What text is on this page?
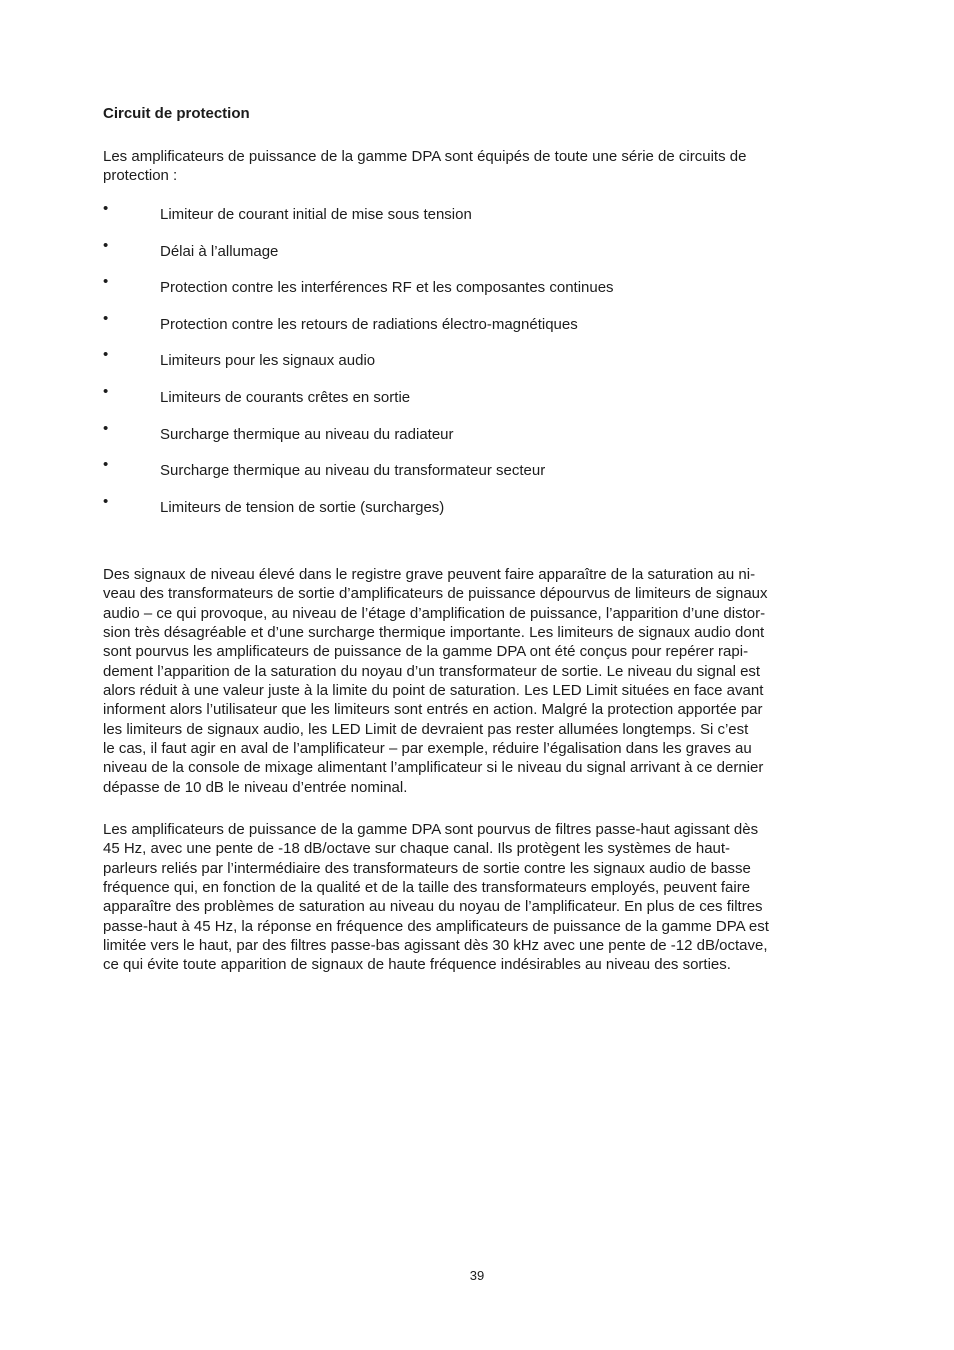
Circuit de protection

Les amplificateurs de puissance de la gamme DPA sont équipés de toute une série de circuits de
protection :

•	Limiteur de courant initial de mise sous tension
•	Délai à l’allumage
•	Protection contre les interférences RF et les composantes continues
•	Protection contre les retours de radiations électro-magnétiques
•	Limiteurs pour les signaux audio
•	Limiteurs de courants crêtes en sortie
•	Surcharge thermique au niveau du radiateur
•	Surcharge thermique au niveau du transformateur secteur
•	Limiteurs de tension de sortie (surcharges)

Des signaux de niveau élevé dans le registre grave peuvent faire apparaître de la saturation au ni-
veau des transformateurs de sortie d’amplificateurs de puissance dépourvus de limiteurs de signaux
audio – ce qui provoque, au niveau de l’étage d’amplification de puissance, l’apparition d’une distor-
sion très désagréable et d’une surcharge thermique importante. Les limiteurs de signaux audio dont
sont pourvus les amplificateurs de puissance de la gamme DPA ont été conçus pour repérer rapi-
dement l’apparition de la saturation du noyau d’un transformateur de sortie. Le niveau du signal est
alors réduit à une valeur juste à la limite du point de saturation. Les LED Limit situées en face avant
informent alors l’utilisateur que les limiteurs sont entrés en action. Malgré la protection apportée par
les limiteurs de signaux audio, les LED Limit de devraient pas rester allumées longtemps. Si c’est
le cas, il faut agir en aval de l’amplificateur – par exemple, réduire l’égalisation dans les graves au
niveau de la console de mixage alimentant l’amplificateur si le niveau du signal arrivant à ce dernier
dépasse de 10 dB le niveau d’entrée nominal.

Les amplificateurs de puissance de la gamme DPA sont pourvus de filtres passe-haut agissant dès
45 Hz, avec une pente de -18 dB/octave sur chaque canal. Ils protègent les systèmes de haut-
parleurs reliés par l’intermédiaire des transformateurs de sortie contre les signaux audio de basse
fréquence qui, en fonction de la qualité et de la taille des transformateurs employés, peuvent faire
apparaître des problèmes de saturation au niveau du noyau de l’amplificateur. En plus de ces filtres
passe-haut à 45 Hz, la réponse en fréquence des amplificateurs de puissance de la gamme DPA est
limitée vers le haut, par des filtres passe-bas agissant dès 30 kHz avec une pente de -12 dB/octave,
ce qui évite toute apparition de signaux de haute fréquence indésirables au niveau des sorties.

39
